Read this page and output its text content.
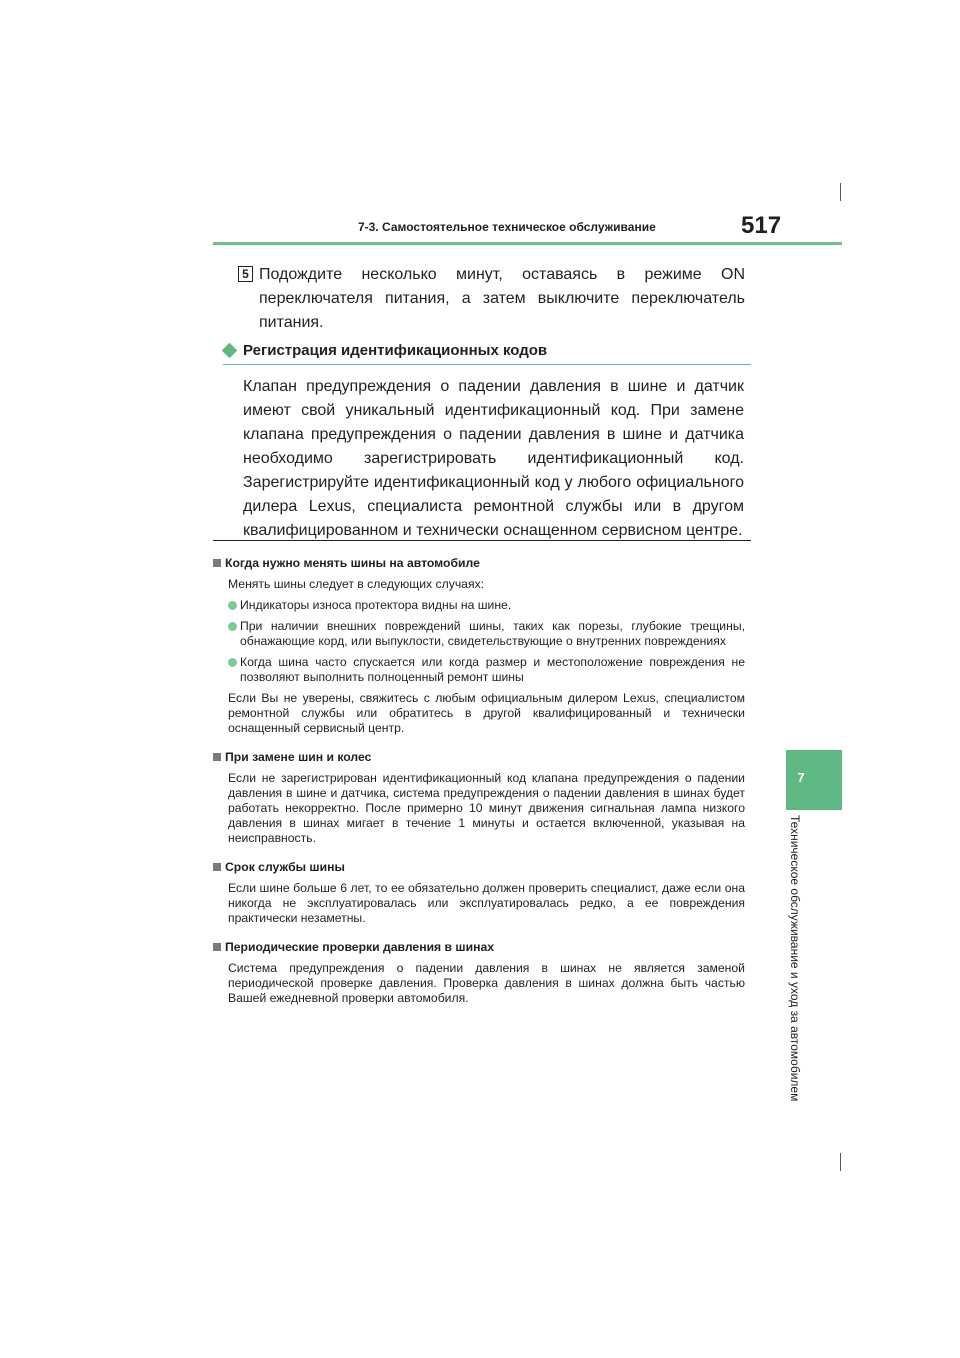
7-3. Самостоятельное техническое обслуживание	517
7
Техническое обслуживание и уход за автомобилем
5 Подождите несколько минут, оставаясь в режиме ON переключателя питания, а затем выключите переключатель питания.
Регистрация идентификационных кодов
Клапан предупреждения о падении давления в шине и датчик имеют свой уникальный идентификационный код. При замене клапана предупреждения о падении давления в шине и датчика необходимо зарегистрировать идентификационный код. Зарегистрируйте идентификационный код у любого официального дилера Lexus, специалиста ремонтной службы или в другом квалифицированном и технически оснащенном сервисном центре.
Когда нужно менять шины на автомобиле
Менять шины следует в следующих случаях:
Индикаторы износа протектора видны на шине.
При наличии внешних повреждений шины, таких как порезы, глубокие трещины, обнажающие корд, или выпуклости, свидетельствующие о внутренних повреждениях
Когда шина часто спускается или когда размер и местоположение повреждения не позволяют выполнить полноценный ремонт шины
Если Вы не уверены, свяжитесь с любым официальным дилером Lexus, специалистом ремонтной службы или обратитесь в другой квалифицированный и технически оснащенный сервисный центр.
При замене шин и колес
Если не зарегистрирован идентификационный код клапана предупреждения о падении давления в шине и датчика, система предупреждения о падении давления в шинах будет работать некорректно. После примерно 10 минут движения сигнальная лампа низкого давления в шинах мигает в течение 1 минуты и остается включенной, указывая на неисправность.
Срок службы шины
Если шине больше 6 лет, то ее обязательно должен проверить специалист, даже если она никогда не эксплуатировалась или эксплуатировалась редко, а ее повреждения практически незаметны.
Периодические проверки давления в шинах
Система предупреждения о падении давления в шинах не является заменой периодической проверке давления. Проверка давления в шинах должна быть частью Вашей ежедневной проверки автомобиля.
